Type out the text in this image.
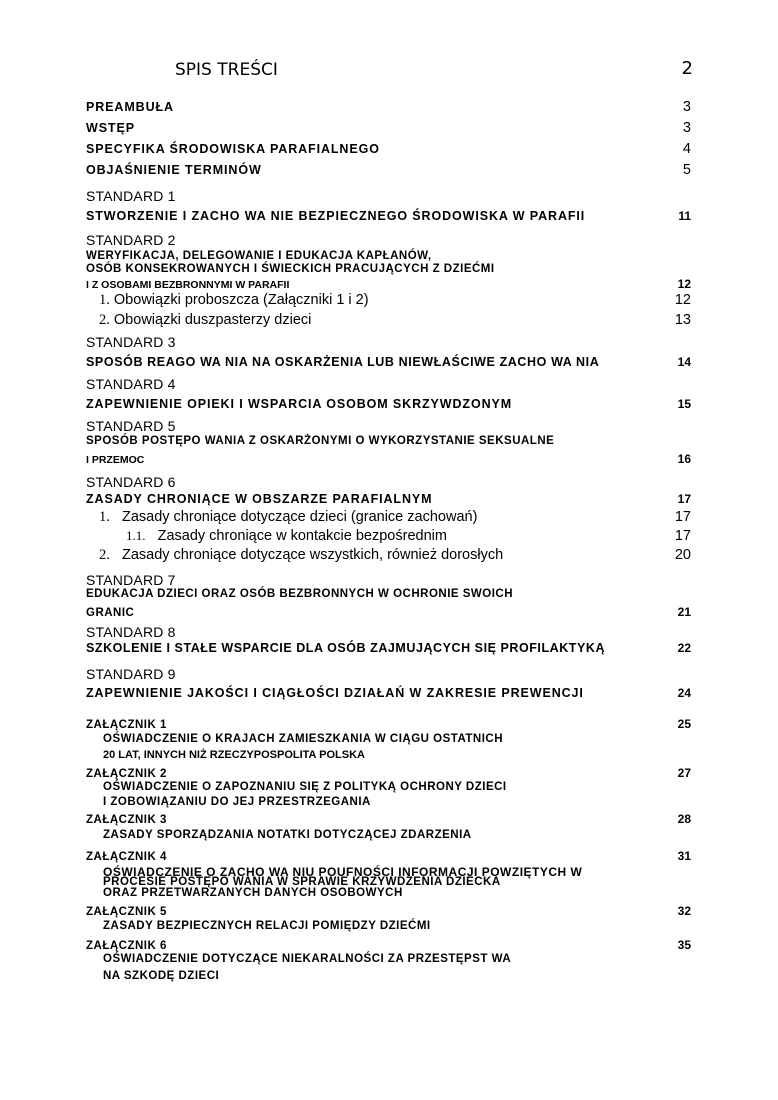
SPIS TREŚCI	2
PREAMBUŁA	3
WSTĘP	3
SPECYFIKA ŚRODOWISKA PARAFIALNEGO	4
OBJAŚNIENIE TERMINÓW	5
STANDARD 1
STWORZENIE I ZACHO WA NIE BEZPIECZNEGO ŚRODOWISKA W PARAFII	11
STANDARD 2
WERYFIKACJA, DELEGOWANIE I EDUKACJA KAPŁANÓW,
OSÓB KONSEKROWANYCH I ŚWIECKICH PRACUJĄCYCH Z DZIEĆMI
I Z OSOBAMI BEZBRONNYMI W PARAFII	12
1. Obowiązki proboszcza (Załączniki 1 i 2)	12
2. Obowiązki duszpasterzy dzieci	13
STANDARD 3
SPOSÓB REAGO WA NIA NA OSKARŻENIA LUB NIEWŁAŚCIWE ZACHO WA NIA	14
STANDARD 4
ZAPEWNIENIE OPIEKI I WSPARCIA OSOBOM SKRZYWDZONYM	15
STANDARD 5
SPOSÓB POSTĘPO WANIA Z OSKARŻONYMI O WYKORZYSTANIE SEKSUALNE
I PRZEMOC	16
STANDARD 6
ZASADY CHRONIĄCE W OBSZARZE PARAFIALNYM	17
1. Zasady chroniące dotyczące dzieci (granice zachowań)	17
1.1. Zasady chroniące w kontakcie bezpośrednim	17
2. Zasady chroniące dotyczące wszystkich, również dorosłych	20
STANDARD 7
EDUKACJA DZIECI ORAZ OSÓB BEZBRONNYCH W OCHRONIE SWOICH
GRANIC	21
STANDARD 8
SZKOLENIE I STAŁE WSPARCIE DLA OSÓB ZAJMUJĄCYCH SIĘ PROFILAKTYKĄ	22
STANDARD 9
ZAPEWNIENIE JAKOŚCI I CIĄGŁOŚCI DZIAŁAŃ W ZAKRESIE PREWENCJI	24
ZAŁĄCZNIK 1	25
OŚWIADCZENIE O KRAJACH ZAMIESZKANIA W CIĄGU OSTATNICH
20 LAT, INNYCH NIŻ RZECZYPOSPOLITA POLSKA
ZAŁĄCZNIK 2	27
OŚWIADCZENIE O ZAPOZNANIU SIĘ Z POLITYKĄ OCHRONY DZIECI
I ZOBOWIĄZANIU DO JEJ PRZESTRZEGANIA
ZAŁĄCZNIK 3	28
ZASADY SPORZĄDZANIA NOTATKI DOTYCZĄCEJ ZDARZENIA
ZAŁĄCZNIK 4	31
OŚWIADCZENIE O ZACHO WA NIU POUFNOŚCI INFORMACJI POWZIĘTYCH W
PROCESIE POSTĘPO WANIA W SPRAWIE KRZYWDZENIA DZIECKA
ORAZ PRZETWARZANYCH DANYCH OSOBOWYCH
ZAŁĄCZNIK 5	32
ZASADY BEZPIECZNYCH RELACJI POMIĘDZY DZIEĆMI
ZAŁĄCZNIK 6	35
OŚWIADCZENIE DOTYCZĄCE NIEKARALNOŚCI ZA PRZESTĘPST WA
NA SZKODĘ DZIECI
